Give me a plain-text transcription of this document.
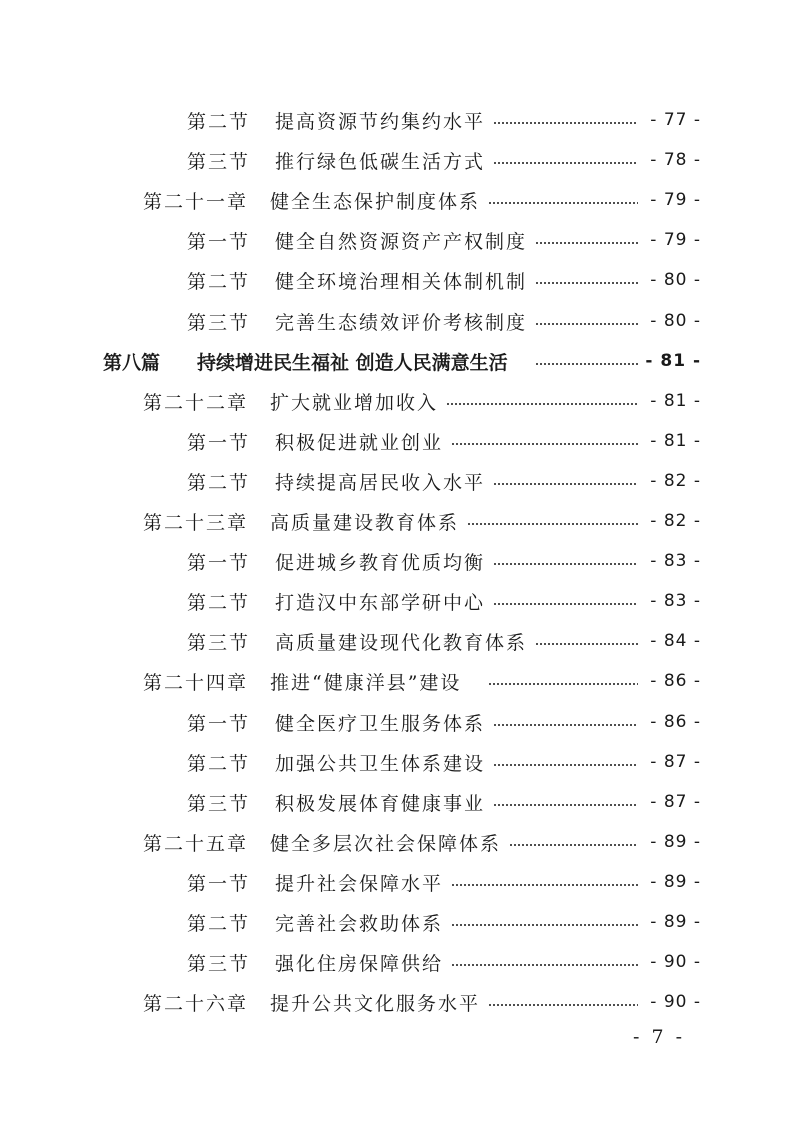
第二节 提高资源节约集约水平	- 77 -
第三节 推行绿色低碳生活方式	- 78 -
第二十一章 健全生态保护制度体系	- 79 -
第一节 健全自然资源资产产权制度	- 79 -
第二节 健全环境治理相关体制机制	- 80 -
第三节 完善生态绩效评价考核制度	- 80 -
第八篇 持续增进民生福祉 创造人民满意生活	- 81 -
第二十二章 扩大就业增加收入	- 81 -
第一节 积极促进就业创业	- 81 -
第二节 持续提高居民收入水平	- 82 -
第二十三章 高质量建设教育体系	- 82 -
第一节 促进城乡教育优质均衡	- 83 -
第二节 打造汉中东部学研中心	- 83 -
第三节 高质量建设现代化教育体系	- 84 -
第二十四章 推进“健康洋县”建设	- 86 -
第一节 健全医疗卫生服务体系	- 86 -
第二节 加强公共卫生体系建设	- 87 -
第三节 积极发展体育健康事业	- 87 -
第二十五章 健全多层次社会保障体系	- 89 -
第一节 提升社会保障水平	- 89 -
第二节 完善社会救助体系	- 89 -
第三节 强化住房保障供给	- 90 -
第二十六章 提升公共文化服务水平	- 90 -
- 7 -
